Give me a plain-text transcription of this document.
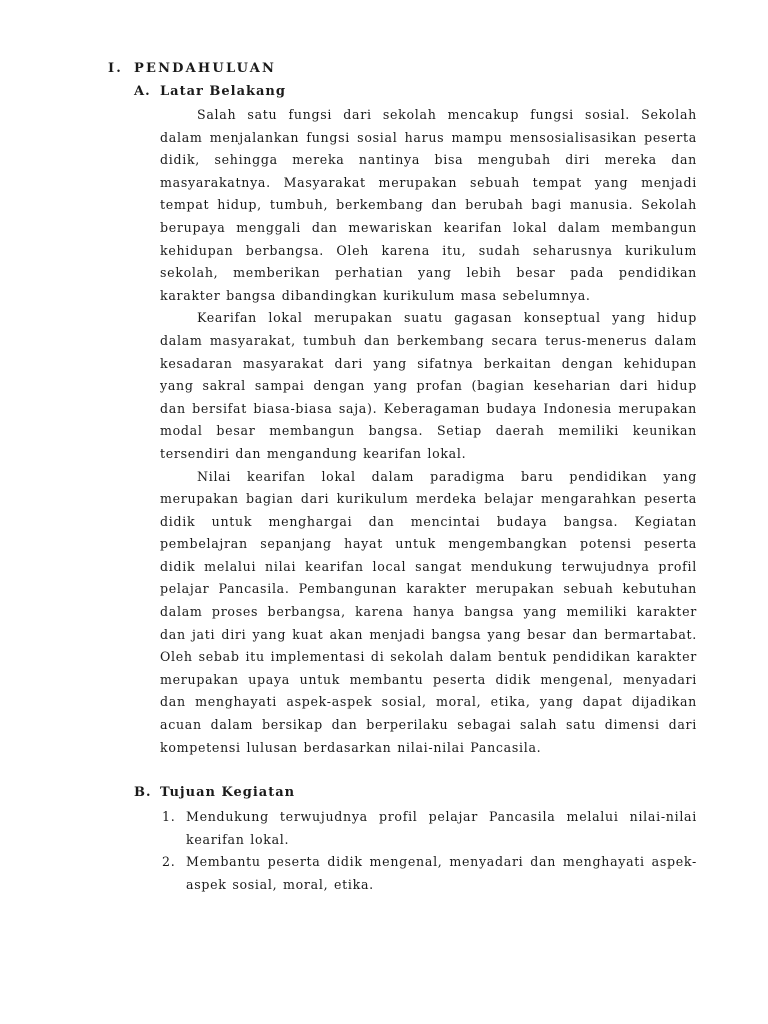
I. PENDAHULUAN
A. Latar Belakang

Salah satu fungsi dari sekolah mencakup fungsi sosial. Sekolah dalam menjalankan fungsi sosial harus mampu mensosialisasikan peserta didik, sehingga mereka nantinya bisa mengubah diri mereka dan masyarakatnya. Masyarakat merupakan sebuah tempat yang menjadi tempat hidup, tumbuh, berkembang dan berubah bagi manusia. Sekolah berupaya menggali dan mewariskan kearifan lokal dalam membangun kehidupan berbangsa. Oleh karena itu, sudah seharusnya kurikulum sekolah, memberikan perhatian yang lebih besar pada pendidikan karakter bangsa dibandingkan kurikulum masa sebelumnya.

Kearifan lokal merupakan suatu gagasan konseptual yang hidup dalam masyarakat, tumbuh dan berkembang secara terus-menerus dalam kesadaran masyarakat dari yang sifatnya berkaitan dengan kehidupan yang sakral sampai dengan yang profan (bagian keseharian dari hidup dan bersifat biasa-biasa saja). Keberagaman budaya Indonesia merupakan modal besar membangun bangsa. Setiap daerah memiliki keunikan tersendiri dan mengandung kearifan lokal.

Nilai kearifan lokal dalam paradigma baru pendidikan yang merupakan bagian dari kurikulum merdeka belajar mengarahkan peserta didik untuk menghargai dan mencintai budaya bangsa. Kegiatan pembelajran sepanjang hayat untuk mengembangkan potensi peserta didik melalui nilai kearifan local sangat mendukung terwujudnya profil pelajar Pancasila. Pembangunan karakter merupakan sebuah kebutuhan dalam proses berbangsa, karena hanya bangsa yang memiliki karakter dan jati diri yang kuat akan menjadi bangsa yang besar dan bermartabat. Oleh sebab itu implementasi di sekolah dalam bentuk pendidikan karakter merupakan upaya untuk membantu peserta didik mengenal, menyadari dan menghayati aspek-aspek sosial, moral, etika, yang dapat dijadikan acuan dalam bersikap dan berperilaku sebagai salah satu dimensi dari kompetensi lulusan berdasarkan nilai-nilai Pancasila.

B. Tujuan Kegiatan
1. Mendukung terwujudnya profil pelajar Pancasila melalui nilai-nilai kearifan lokal.
2. Membantu peserta didik mengenal, menyadari dan menghayati aspek-aspek sosial, moral, etika.
